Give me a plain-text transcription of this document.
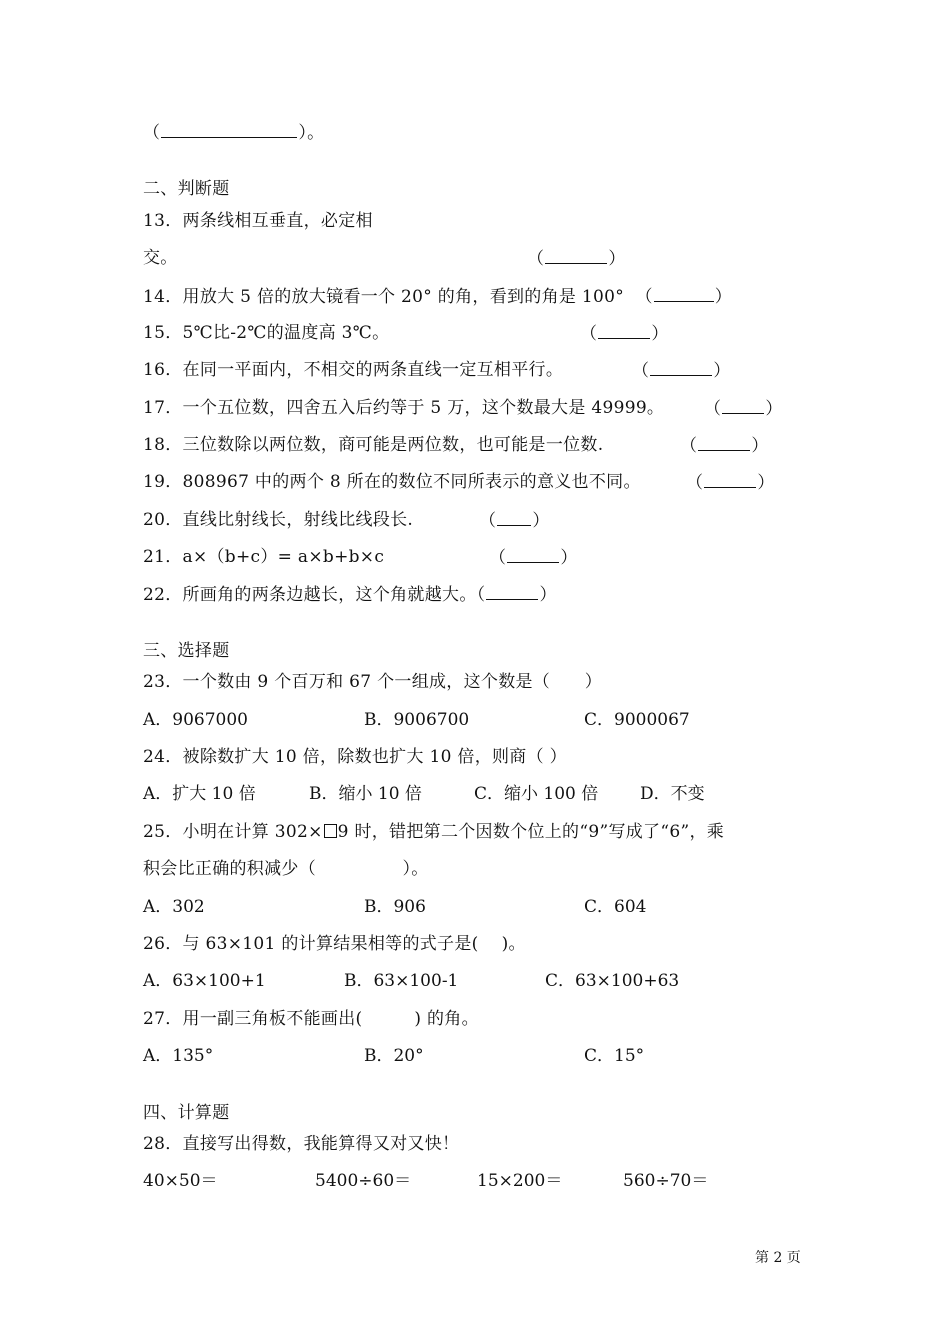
（	）。
二、判断题
13．两条线相互垂直，必定相
交。	（	）
14．用放大 5 倍的放大镜看一个 20° 的角，看到的角是 100° （	）
15．5℃比-2℃的温度高 3℃。	（	）
16．在同一平面内，不相交的两条直线一定互相平行。	（	）
17．一个五位数，四舍五入后约等于 5 万，这个数最大是 49999。 （	）
18．三位数除以两位数，商可能是两位数，也可能是一位数.	（	）
19．808967 中的两个 8 所在的数位不同所表示的意义也不同。	（	）
20．直线比射线长，射线比线段长.	（ ）
21．a×（b+c）= a×b+b×c	（	）
22．所画角的两条边越长，这个角就越大。（	）
三、选择题
23．一个数由 9 个百万和 67 个一组成，这个数是（　　）
A．9067000	B．9006700	C．9000067
24．被除数扩大 10 倍，除数也扩大 10 倍，则商（ ）
A．扩大 10 倍	B．缩小 10 倍	C．缩小 100 倍 D．不变
25．小明在计算 302× 9 时，错把第二个因数个位上的“9”写成了“6”，乘
积会比正确的积减少（　　　　　）。
A．302	B．906	C．604
26．与 63×101 的计算结果相等的式子是(　 )。
A．63×100+1	B．63×100-1	C．63×100+63
27．用一副三角板不能画出(　　　) 的角。
A．135°	B．20°	C．15°
四、计算题
28．直接写出得数，我能算得又对又快！
40×50＝	5400÷60＝	15×200＝	560÷70＝
第 2 页
